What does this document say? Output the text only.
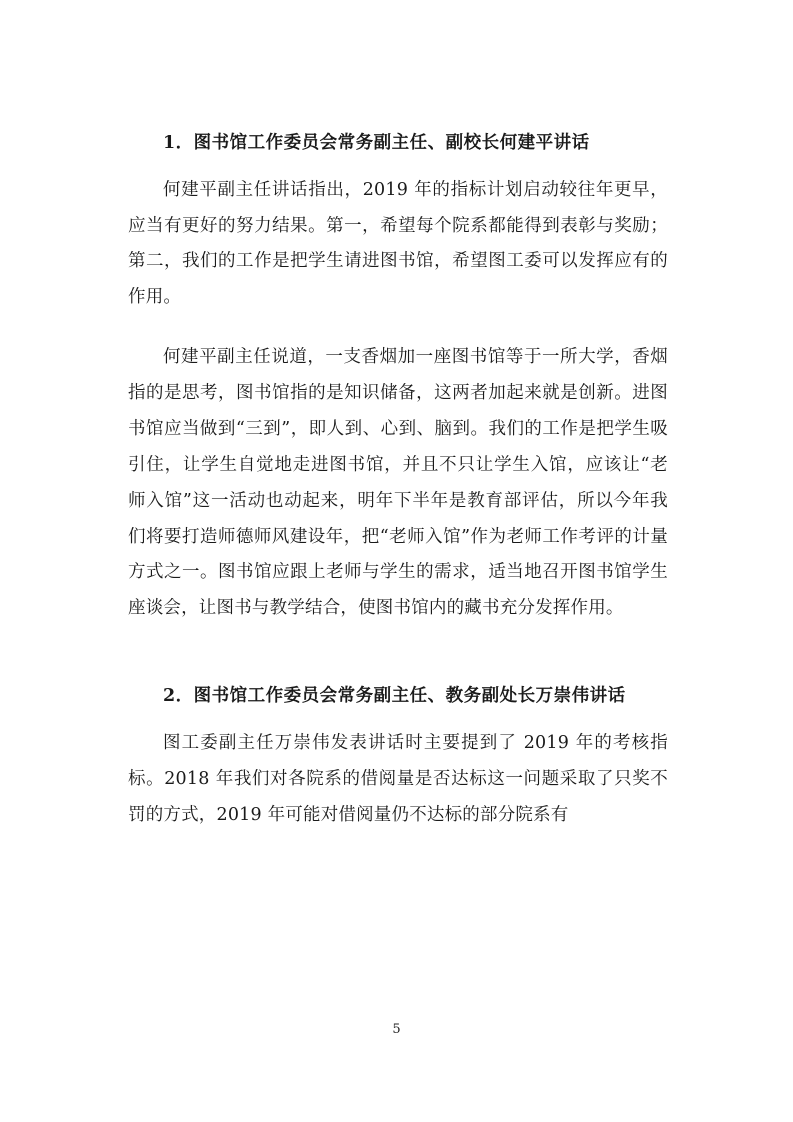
1．图书馆工作委员会常务副主任、副校长何建平讲话

何建平副主任讲话指出，2019 年的指标计划启动较往年更早，应当有更好的努力结果。第一，希望每个院系都能得到表彰与奖励；第二，我们的工作是把学生请进图书馆，希望图工委可以发挥应有的作用。

何建平副主任说道，一支香烟加一座图书馆等于一所大学，香烟指的是思考，图书馆指的是知识储备，这两者加起来就是创新。进图书馆应当做到“三到”，即人到、心到、脑到。我们的工作是把学生吸引住，让学生自觉地走进图书馆，并且不只让学生入馆，应该让“老师入馆”这一活动也动起来，明年下半年是教育部评估，所以今年我们将要打造师德师风建设年，把“老师入馆”作为老师工作考评的计量方式之一。图书馆应跟上老师与学生的需求，适当地召开图书馆学生座谈会，让图书与教学结合，使图书馆内的藏书充分发挥作用。

2．图书馆工作委员会常务副主任、教务副处长万崇伟讲话

图工委副主任万崇伟发表讲话时主要提到了 2019 年的考核指标。2018 年我们对各院系的借阅量是否达标这一问题采取了只奖不罚的方式，2019 年可能对借阅量仍不达标的部分院系有

5
